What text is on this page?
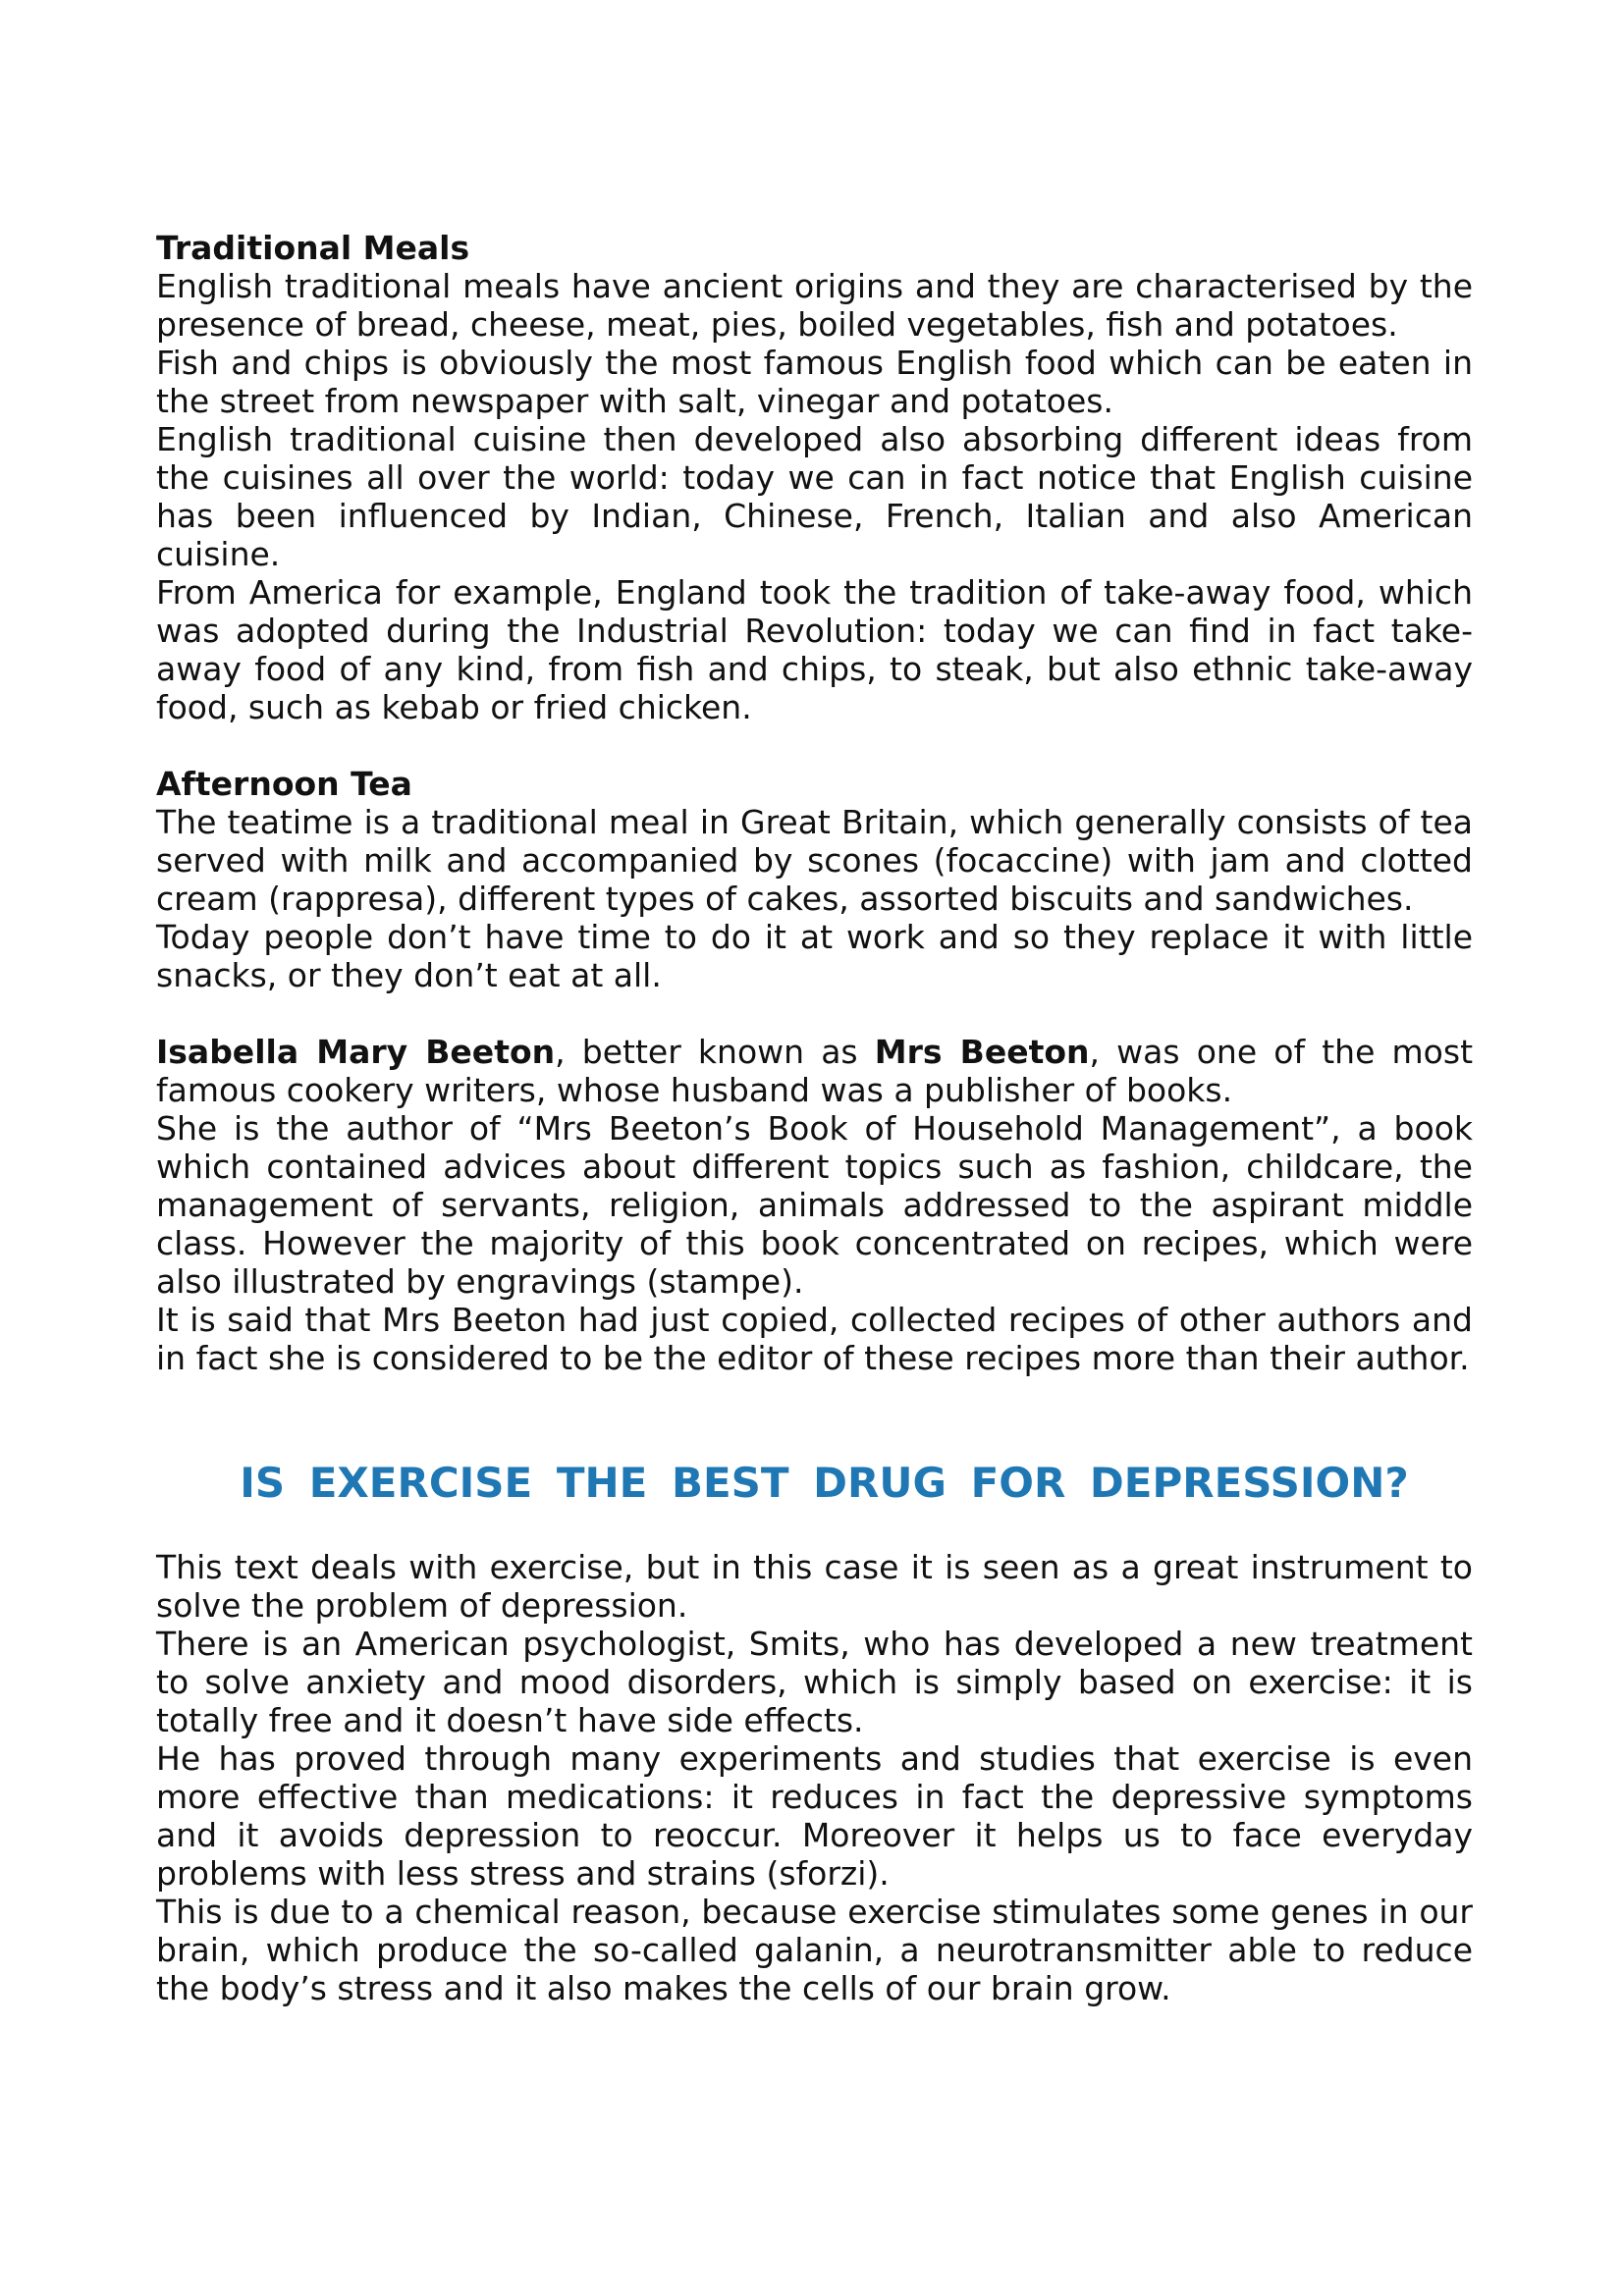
Traditional Meals

English traditional meals have ancient origins and they are characterised by the presence of bread, cheese, meat, pies, boiled vegetables, fish and potatoes.

Fish and chips is obviously the most famous English food which can be eaten in the street from newspaper with salt, vinegar and potatoes.

English traditional cuisine then developed also absorbing different ideas from the cuisines all over the world: today we can in fact notice that English cuisine has been influenced by Indian, Chinese, French, Italian and also American cuisine.

From America for example, England took the tradition of take-away food, which was adopted during the Industrial Revolution: today we can find in fact take-away food of any kind, from fish and chips, to steak, but also ethnic take-away food, such as kebab or fried chicken.

Afternoon Tea

The teatime is a traditional meal in Great Britain, which generally consists of tea served with milk and accompanied by scones (focaccine) with jam and clotted cream (rappresa), different types of cakes, assorted biscuits and sandwiches.

Today people don’t have time to do it at work and so they replace it with little snacks, or they don’t eat at all.

Isabella Mary Beeton, better known as Mrs Beeton, was one of the most famous cookery writers, whose husband was a publisher of books.

She is the author of “Mrs Beeton’s Book of Household Management”, a book which contained advices about different topics such as fashion, childcare, the management of servants, religion, animals addressed to the aspirant middle class. However the majority of this book concentrated on recipes, which were also illustrated by engravings (stampe).

It is said that Mrs Beeton had just copied, collected recipes of other authors and in fact she is considered to be the editor of these recipes more than their author.

IS EXERCISE THE BEST DRUG FOR DEPRESSION?

This text deals with exercise, but in this case it is seen as a great instrument to solve the problem of depression.

There is an American psychologist, Smits, who has developed a new treatment to solve anxiety and mood disorders, which is simply based on exercise: it is totally free and it doesn’t have side effects.

He has proved through many experiments and studies that exercise is even more effective than medications: it reduces in fact the depressive symptoms and it avoids depression to reoccur. Moreover it helps us to face everyday problems with less stress and strains (sforzi).

This is due to a chemical reason, because exercise stimulates some genes in our brain, which produce the so-called galanin, a neurotransmitter able to reduce the body’s stress and it also makes the cells of our brain grow.
